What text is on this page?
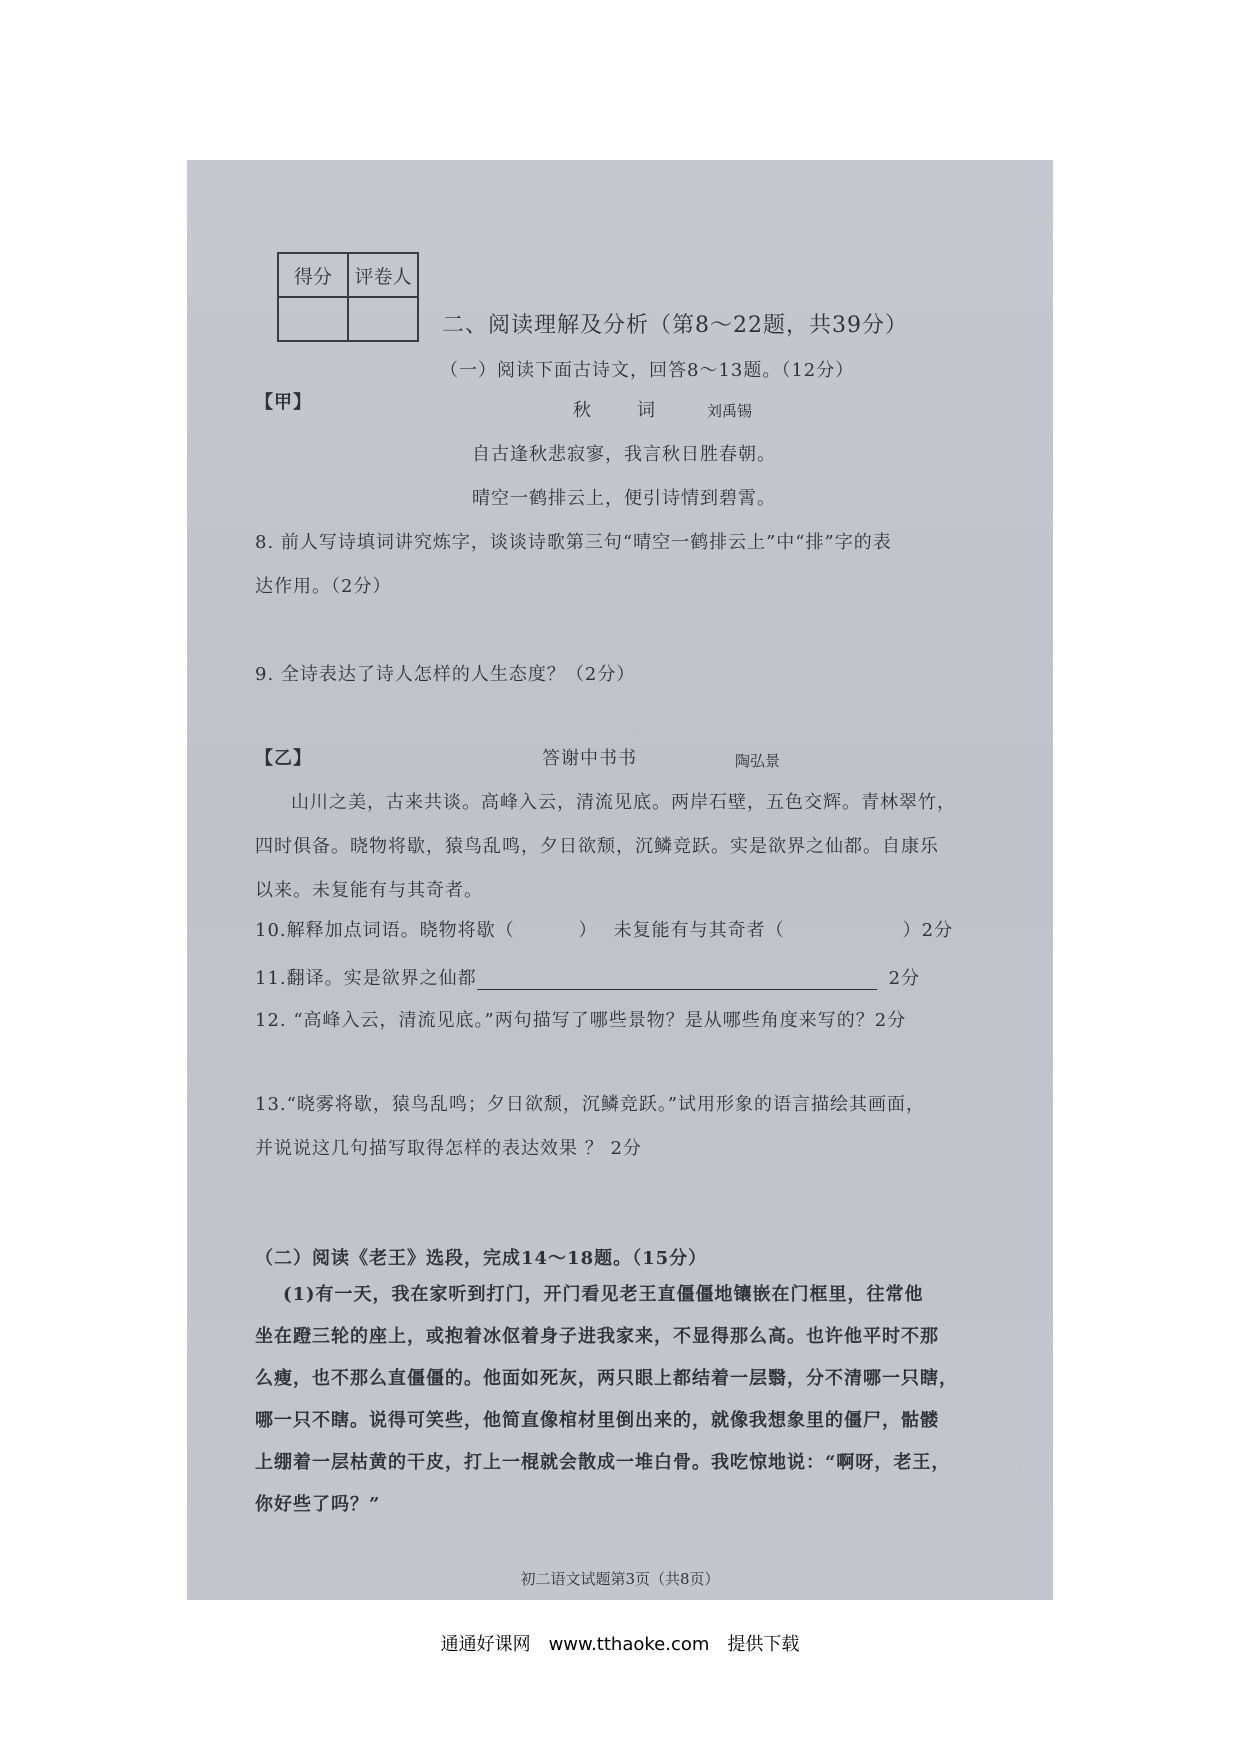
得分	评卷人
二、阅读理解及分析（第8～22题，共39分）
（一）阅读下面古诗文，回答8～13题。（12分）
【甲】	秋　词	刘禹锡
自古逢秋悲寂寥，我言秋日胜春朝。
晴空一鹤排云上，便引诗情到碧霄。
8. 前人写诗填词讲究炼字，谈谈诗歌第三句“晴空一鹤排云上”中“排”字的表
达作用。（2分）
9. 全诗表达了诗人怎样的人生态度？（2分）
【乙】	答谢中书书	陶弘景
山川之美，古来共谈。高峰入云，清流见底。两岸石壁，五色交辉。青林翠竹，
四时俱备。晓物将歇，猿鸟乱鸣，夕日欲颓，沉鳞竞跃。实是欲界之仙都。自康乐
以来。未复能有与其奇者。
10.解释加点词语。晓物将歇（	） 未复能有与其奇者（	）2分
11.翻译。实是欲界之仙都	2分
12. “高峰入云，清流见底。”两句描写了哪些景物？是从哪些角度来写的？2分
13.“晓雾将歇，猿鸟乱鸣；夕日欲颓，沉鳞竞跃。”试用形象的语言描绘其画面，
并说说这几句描写取得怎样的表达效果 ？ 2分
（二）阅读《老王》选段，完成14～18题。（15分）
(1)有一天，我在家听到打门，开门看见老王直僵僵地镶嵌在门框里，往常他
坐在蹬三轮的座上，或抱着冰伛着身子进我家来，不显得那么高。也许他平时不那
么瘦，也不那么直僵僵的。他面如死灰，两只眼上都结着一层翳，分不清哪一只瞎，
哪一只不瞎。说得可笑些，他简直像棺材里倒出来的，就像我想象里的僵尸，骷髅
上绷着一层枯黄的干皮，打上一棍就会散成一堆白骨。我吃惊地说：“啊呀，老王，
你好些了吗？”
初二语文试题第3页（共8页）
通通好课网　www.tthaoke.com　提供下载
